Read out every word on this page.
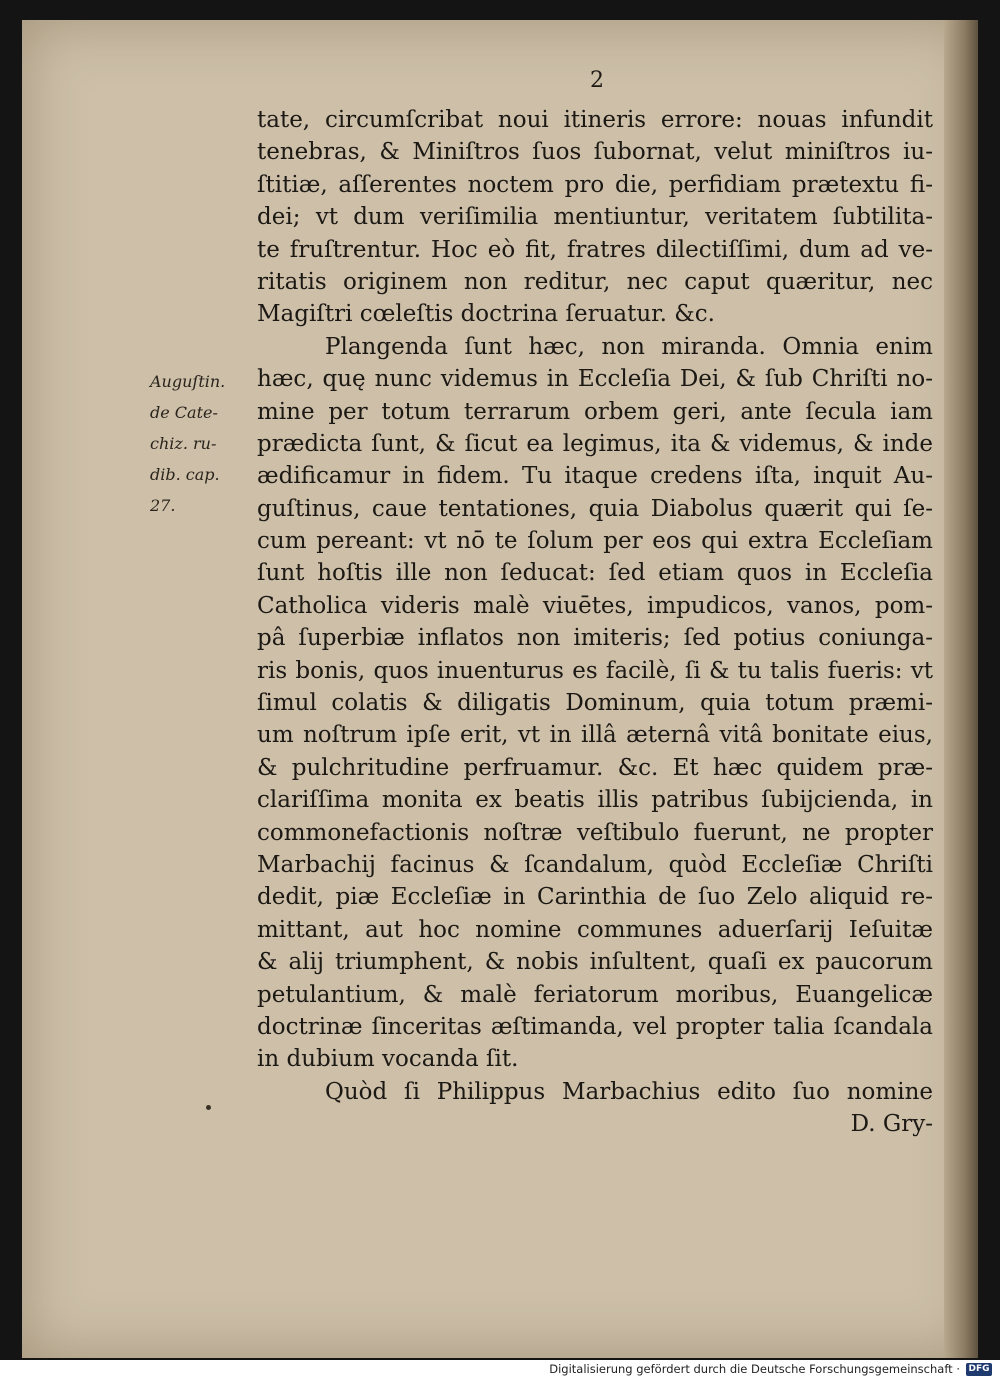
2
Auguſtin.
de Cate-
chiz. ru-
dib. cap.
27.
tate, circumſcribat noui itineris errore: nouas infundit
tenebras, & Miniſtros ſuos ſubornat, velut miniſtros iu-
ſtitiæ, aſſerentes noctem pro die, perfidiam prætextu fi-
dei; vt dum veriſimilia mentiuntur, veritatem ſubtilita-
te fruſtrentur. Hoc eò fit, fratres dilectiſſimi, dum ad ve-
ritatis originem non reditur, nec caput quæritur, nec
Magiſtri cœleſtis doctrina ſeruatur. &c.
Plangenda ſunt hæc, non miranda. Omnia enim
hæc, quę nunc videmus in Eccleſia Dei, & ſub Chriſti no-
mine per totum terrarum orbem geri, ante ſecula iam
prædicta ſunt, & ſicut ea legimus, ita & videmus, & inde
ædificamur in fidem. Tu itaque credens iſta, inquit Au-
guſtinus, caue tentationes, quia Diabolus quærit qui ſe-
cum pereant: vt nō te ſolum per eos qui extra Eccleſiam
ſunt hoſtis ille non ſeducat: ſed etiam quos in Eccleſia
Catholica videris malè viuētes, impudicos, vanos, pom-
pâ ſuperbiæ inflatos non imiteris; ſed potius coniunga-
ris bonis, quos inuenturus es facilè, ſi & tu talis fueris: vt
ſimul colatis & diligatis Dominum, quia totum præmi-
um noſtrum ipſe erit, vt in illâ æternâ vitâ bonitate eius,
& pulchritudine perfruamur. &c. Et hæc quidem præ-
clariſſima monita ex beatis illis patribus ſubijcienda, in
commonefactionis noſtræ veſtibulo fuerunt, ne propter
Marbachij facinus & ſcandalum, quòd Eccleſiæ Chriſti
dedit, piæ Eccleſiæ in Carinthia de ſuo Zelo aliquid re-
mittant, aut hoc nomine communes aduerſarij Ieſuitæ
& alij triumphent, & nobis inſultent, quaſi ex paucorum
petulantium, & malè feriatorum moribus, Euangelicæ
doctrinæ ſinceritas æſtimanda, vel propter talia ſcandala
in dubium vocanda ſit.
Quòd ſi Philippus Marbachius edito ſuo nomine
D. Gry-
Digitalisierung gefördert durch die Deutsche Forschungsgemeinschaft · DFG
